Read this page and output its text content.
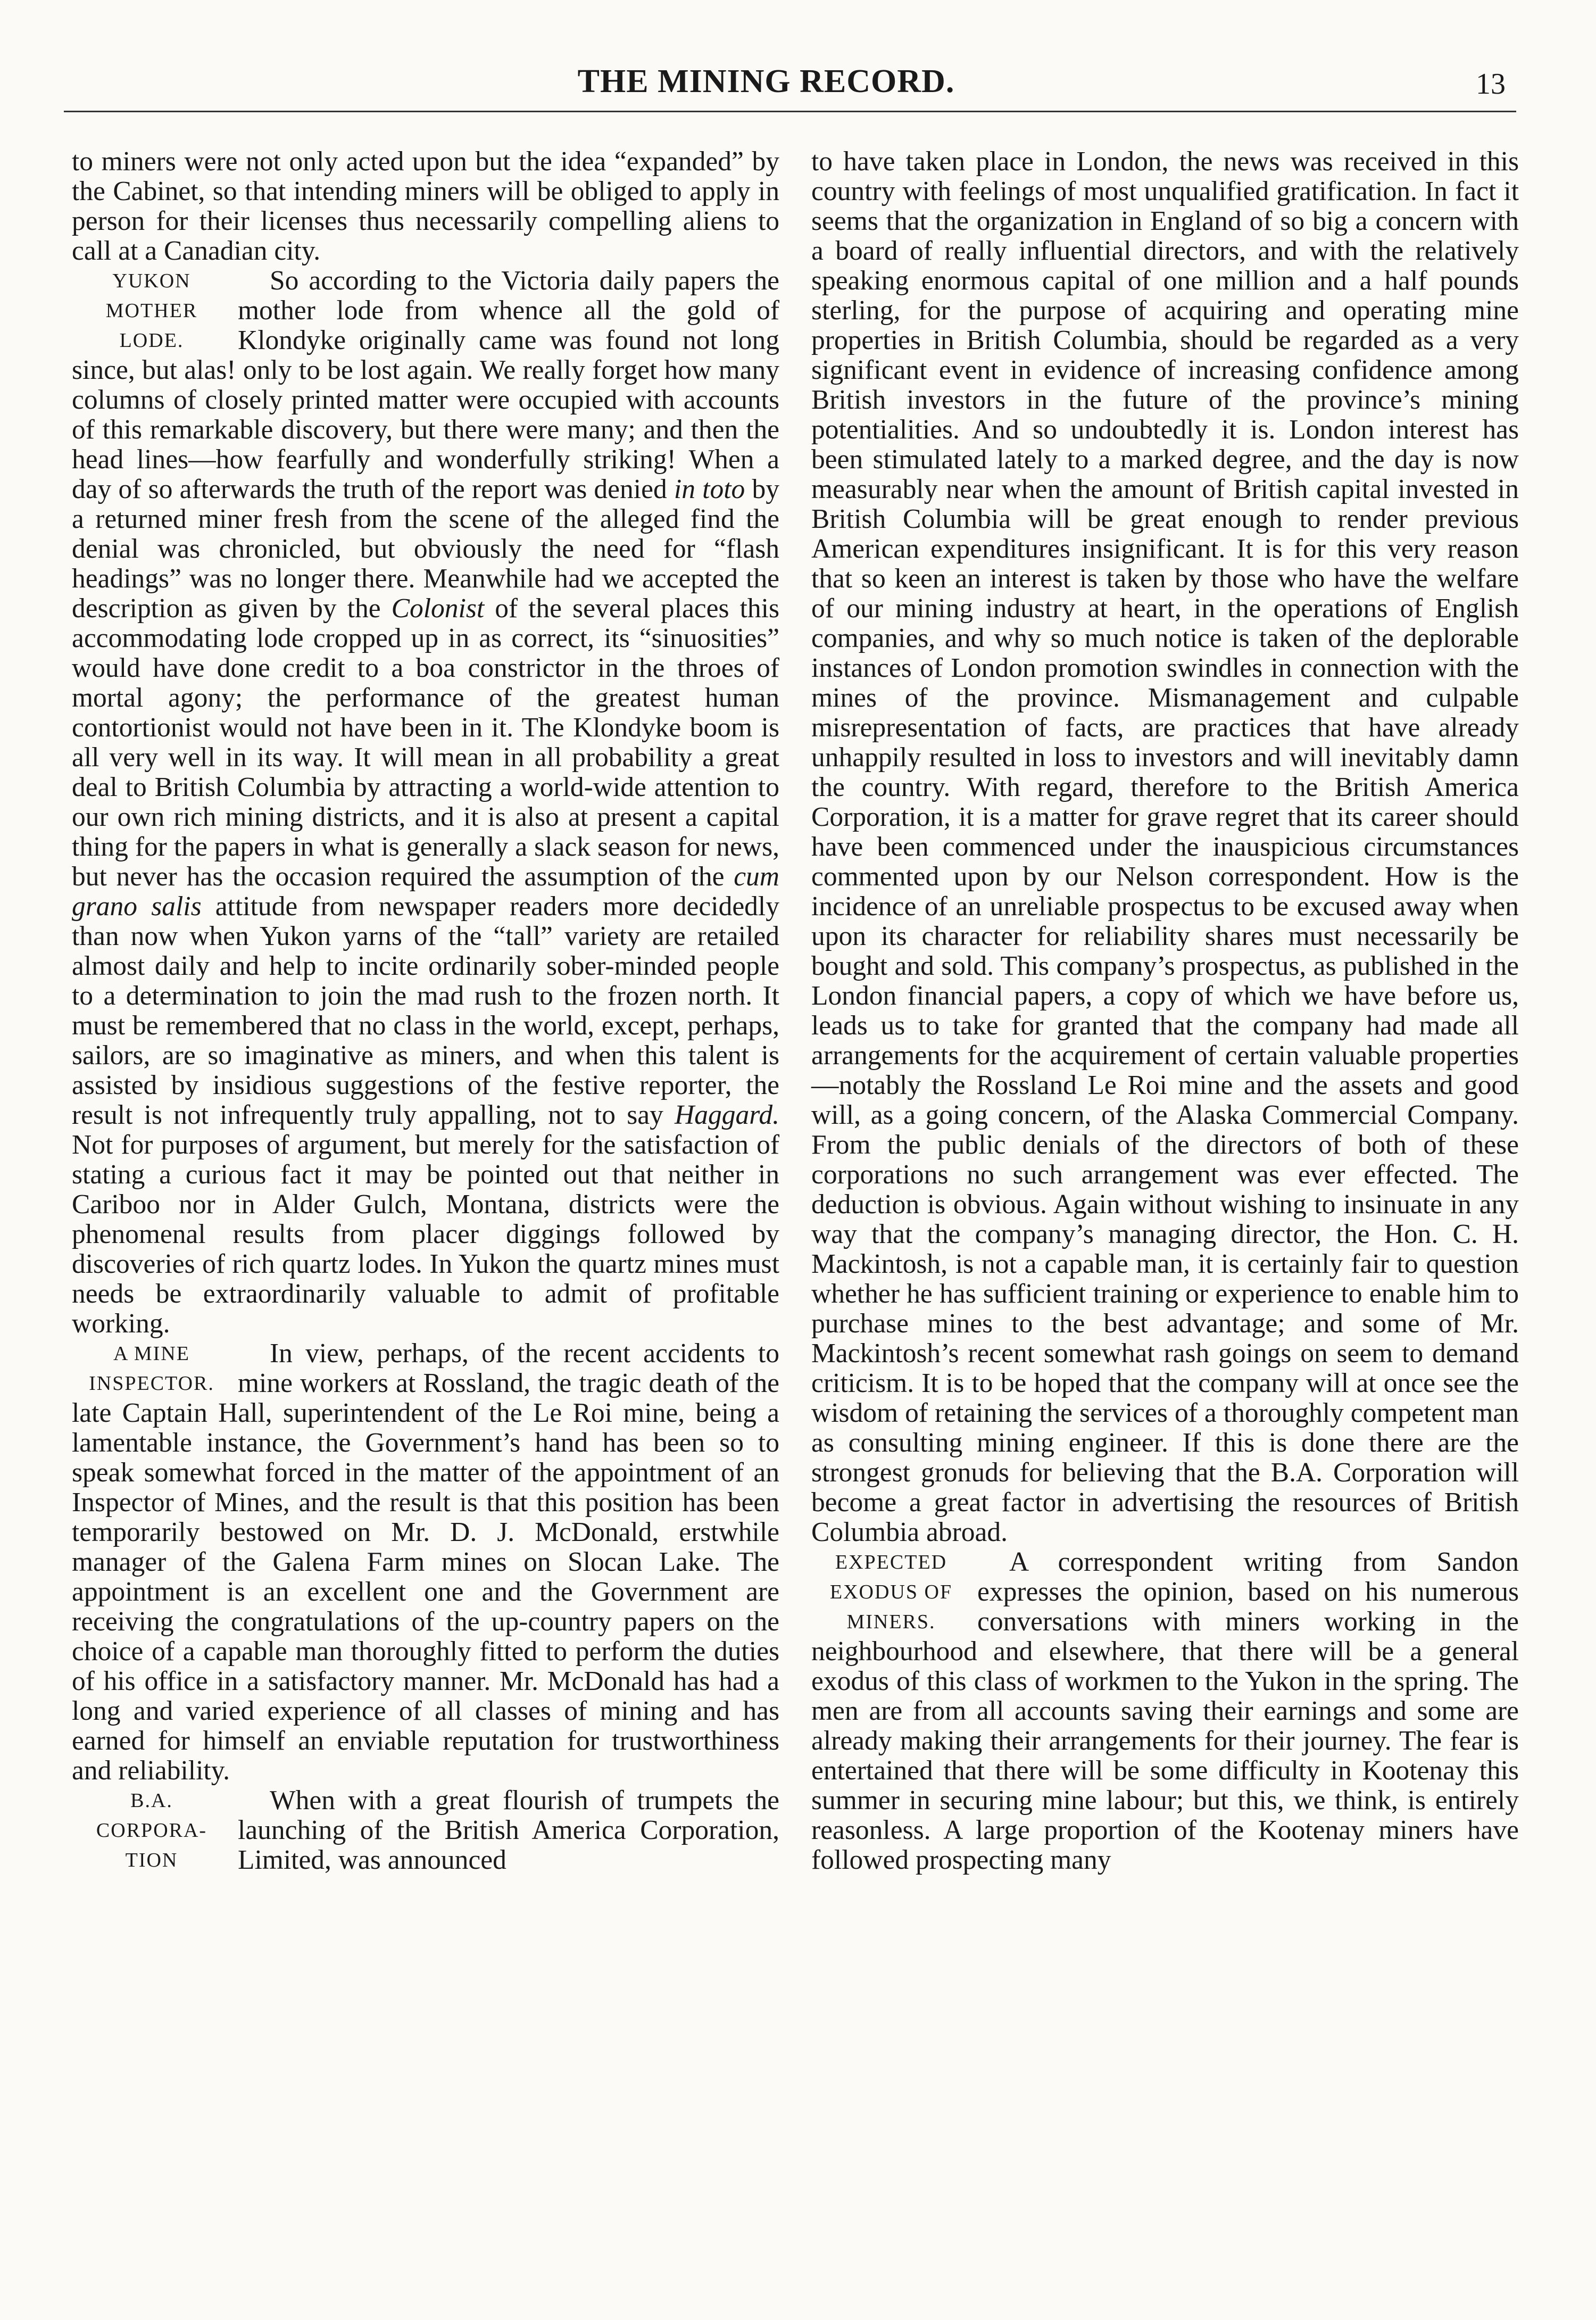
THE MINING RECORD.	13

to miners were not only acted upon but the idea “expanded” by the Cabinet, so that intending miners will be obliged to apply in person for their licenses thus necessarily compelling aliens to call at a Canadian city.

YUKON
MOTHER
LODE.

So according to the Victoria daily papers the mother lode from whence all the gold of Klondyke originally came was found not long since, but alas! only to be lost again. We really forget how many columns of closely printed matter were occupied with accounts of this remarkable discovery, but there were many; and then the head lines—how fearfully and wonderfully striking! When a day of so afterwards the truth of the report was denied in toto by a returned miner fresh from the scene of the alleged find the denial was chronicled, but obviously the need for “flash headings” was no longer there. Meanwhile had we accepted the description as given by the Colonist of the several places this accommodating lode cropped up in as correct, its “sinuosities” would have done credit to a boa constrictor in the throes of mortal agony; the performance of the greatest human contortionist would not have been in it. The Klondyke boom is all very well in its way. It will mean in all probability a great deal to British Columbia by attracting a world-wide attention to our own rich mining districts, and it is also at present a capital thing for the papers in what is generally a slack season for news, but never has the occasion required the assumption of the cum grano salis attitude from newspaper readers more decidedly than now when Yukon yarns of the “tall” variety are retailed almost daily and help to incite ordinarily sober-minded people to a determination to join the mad rush to the frozen north. It must be remembered that no class in the world, except, perhaps, sailors, are so imaginative as miners, and when this talent is assisted by insidious suggestions of the festive reporter, the result is not infrequently truly appalling, not to say Haggard. Not for purposes of argument, but merely for the satisfaction of stating a curious fact it may be pointed out that neither in Cariboo nor in Alder Gulch, Montana, districts were the phenomenal results from placer diggings followed by discoveries of rich quartz lodes. In Yukon the quartz mines must needs be extraordinarily valuable to admit of profitable working.

A MINE
INSPECTOR.

In view, perhaps, of the recent accidents to mine workers at Rossland, the tragic death of the late Captain Hall, superintendent of the Le Roi mine, being a lamentable instance, the Government’s hand has been so to speak somewhat forced in the matter of the appointment of an Inspector of Mines, and the result is that this position has been temporarily bestowed on Mr. D. J. McDonald, erstwhile manager of the Galena Farm mines on Slocan Lake. The appointment is an excellent one and the Government are receiving the congratulations of the up-country papers on the choice of a capable man thoroughly fitted to perform the duties of his office in a satisfactory manner. Mr. McDonald has had a long and varied experience of all classes of mining and has earned for himself an enviable reputation for trustworthiness and reliability.

B.A.
CORPORA-
TION

When with a great flourish of trumpets the launching of the British America Corporation, Limited, was announced

to have taken place in London, the news was received in this country with feelings of most unqualified gratification. In fact it seems that the organization in England of so big a concern with a board of really influential directors, and with the relatively speaking enormous capital of one million and a half pounds sterling, for the purpose of acquiring and operating mine properties in British Columbia, should be regarded as a very significant event in evidence of increasing confidence among British investors in the future of the province’s mining potentialities. And so undoubtedly it is. London interest has been stimulated lately to a marked degree, and the day is now measurably near when the amount of British capital invested in British Columbia will be great enough to render previous American expenditures insignificant. It is for this very reason that so keen an interest is taken by those who have the welfare of our mining industry at heart, in the operations of English companies, and why so much notice is taken of the deplorable instances of London promotion swindles in connection with the mines of the province. Mismanagement and culpable misrepresentation of facts, are practices that have already unhappily resulted in loss to investors and will inevitably damn the country. With regard, therefore to the British America Corporation, it is a matter for grave regret that its career should have been commenced under the inauspicious circumstances commented upon by our Nelson correspondent. How is the incidence of an unreliable prospectus to be excused away when upon its character for reliability shares must necessarily be bought and sold. This company’s prospectus, as published in the London financial papers, a copy of which we have before us, leads us to take for granted that the company had made all arrangements for the acquirement of certain valuable properties—notably the Rossland Le Roi mine and the assets and good will, as a going concern, of the Alaska Commercial Company. From the public denials of the directors of both of these corporations no such arrangement was ever effected. The deduction is obvious. Again without wishing to insinuate in any way that the company’s managing director, the Hon. C. H. Mackintosh, is not a capable man, it is certainly fair to question whether he has sufficient training or experience to enable him to purchase mines to the best advantage; and some of Mr. Mackintosh’s recent somewhat rash goings on seem to demand criticism. It is to be hoped that the company will at once see the wisdom of retaining the services of a thoroughly competent man as consulting mining engineer. If this is done there are the strongest gronuds for believing that the B.A. Corporation will become a great factor in advertising the resources of British Columbia abroad.

EXPECTED
EXODUS OF
MINERS.

A correspondent writing from Sandon expresses the opinion, based on his numerous conversations with miners working in the neighbourhood and elsewhere, that there will be a general exodus of this class of workmen to the Yukon in the spring. The men are from all accounts saving their earnings and some are already making their arrangements for their journey. The fear is entertained that there will be some difficulty in Kootenay this summer in securing mine labour; but this, we think, is entirely reasonless. A large proportion of the Kootenay miners have followed prospecting many
